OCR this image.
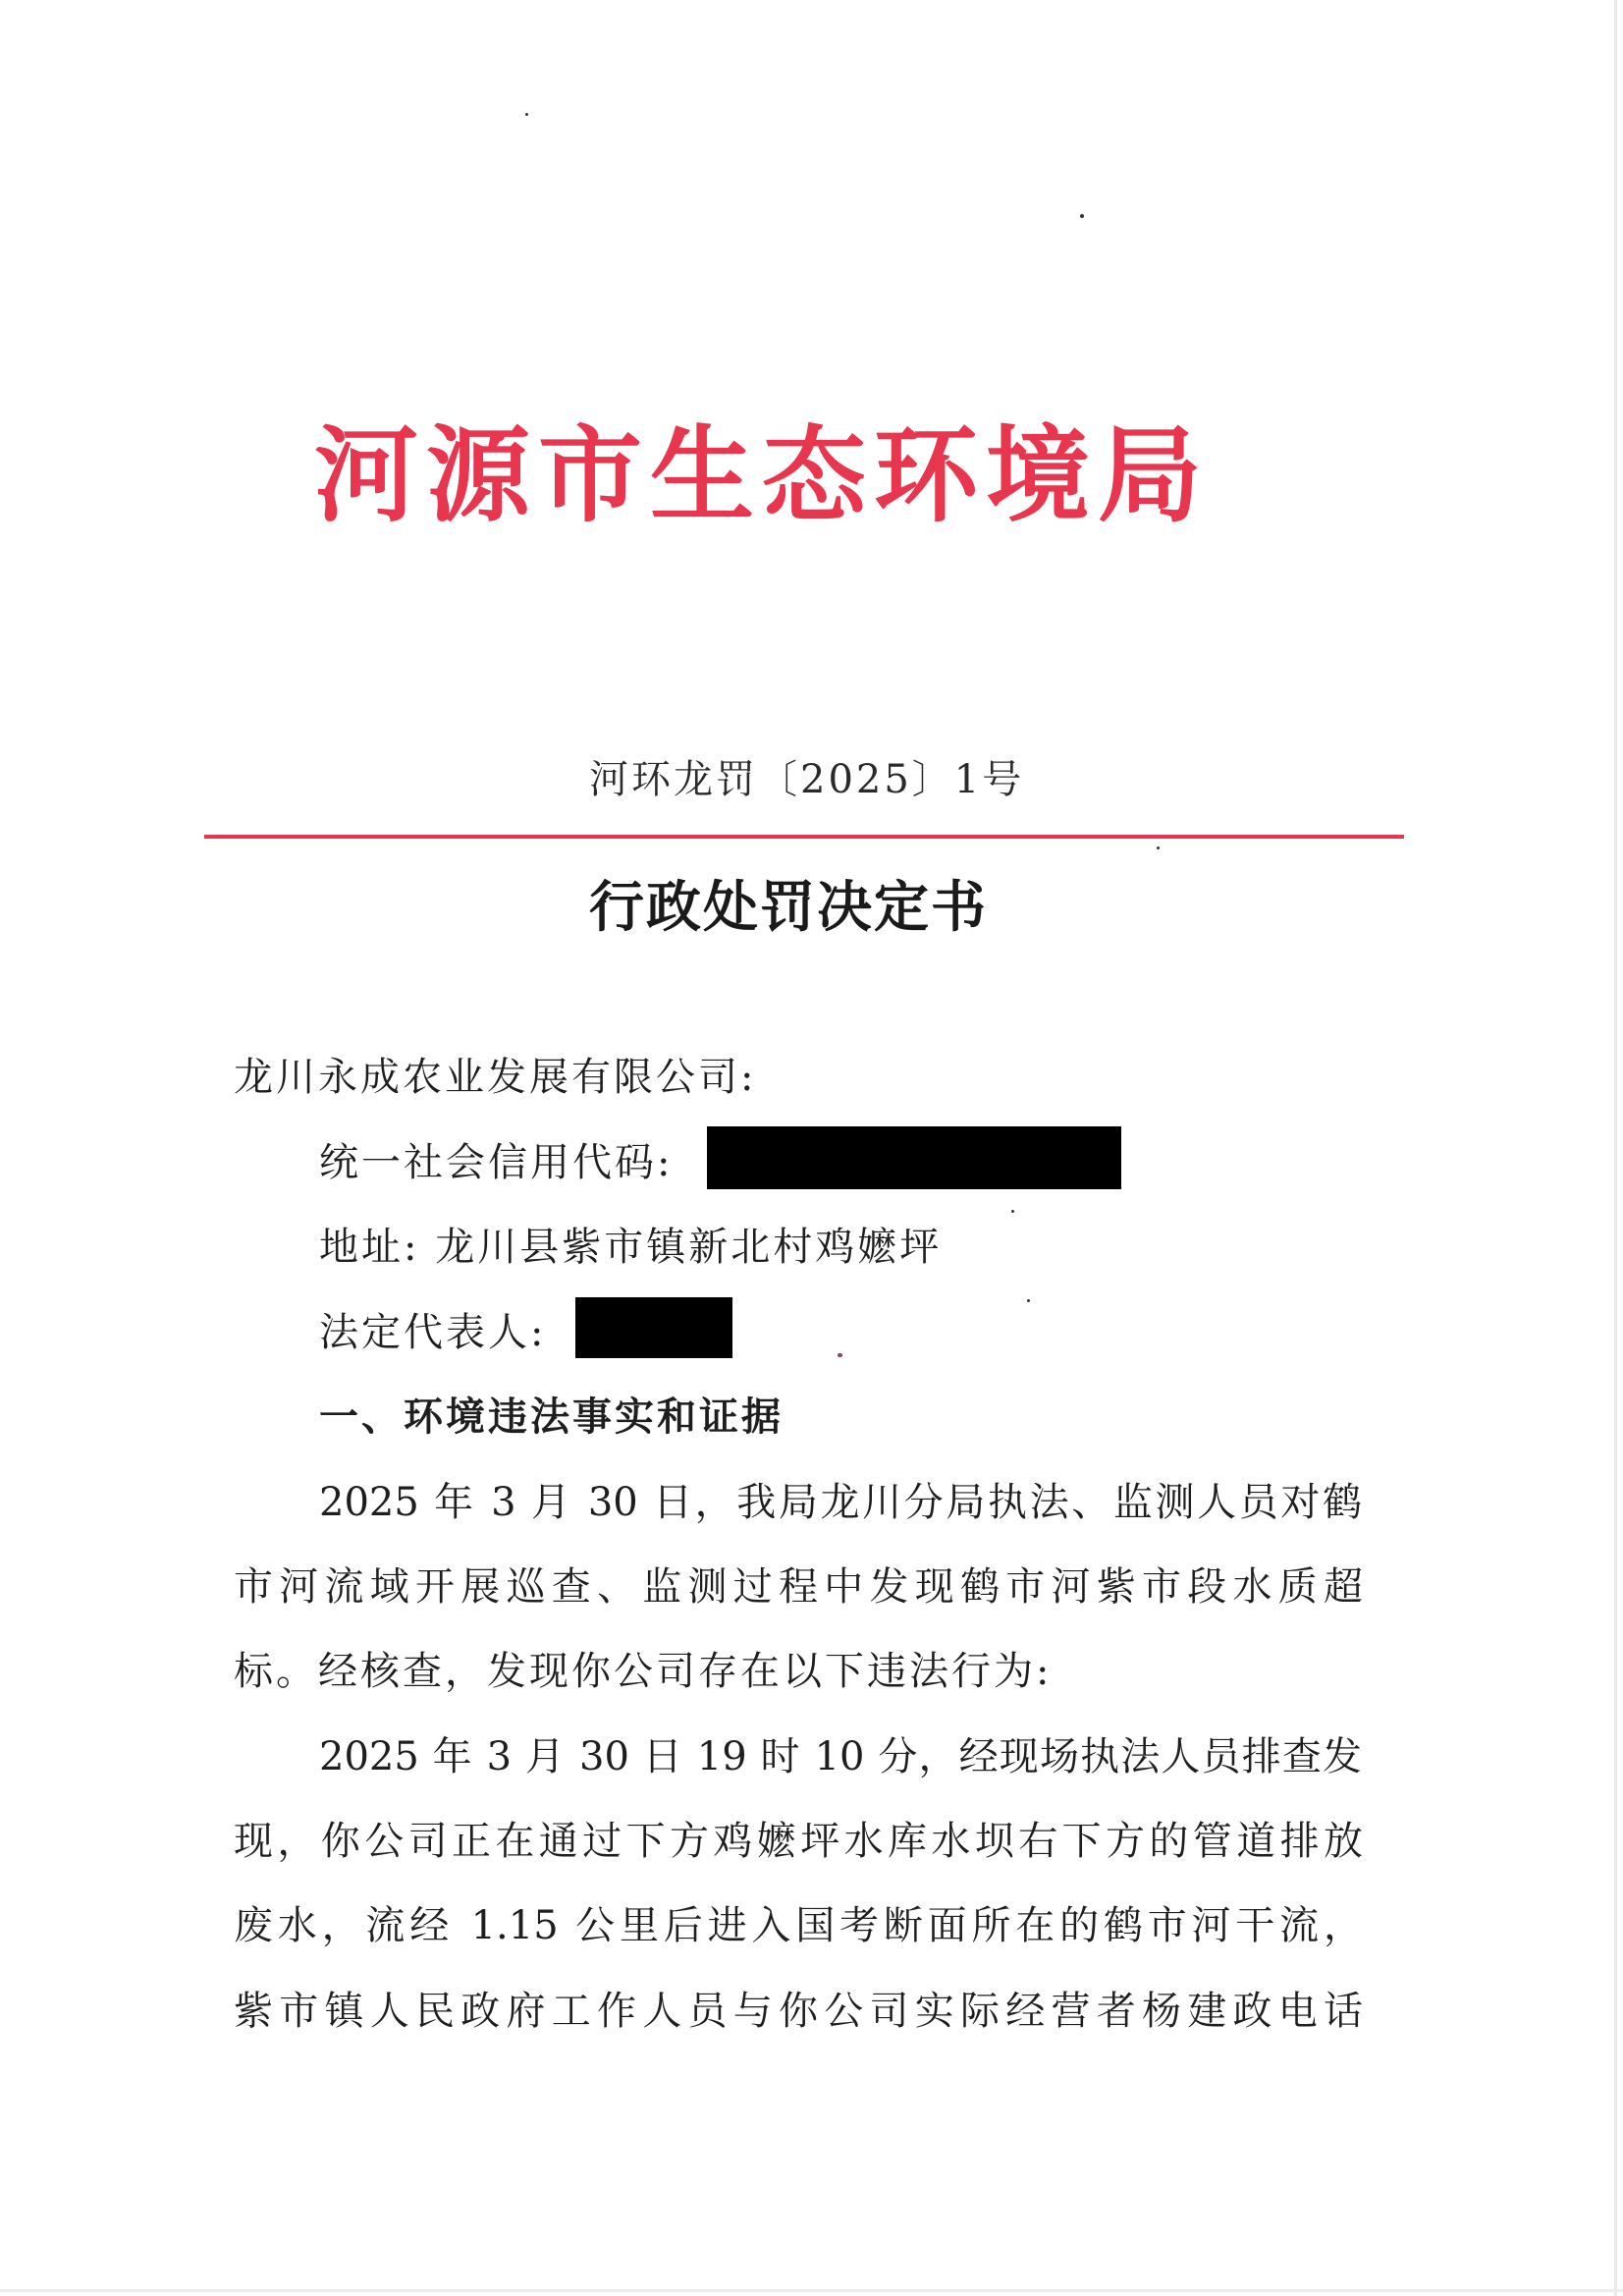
河源市生态环境局
河环龙罚〔2025〕1号
行政处罚决定书
龙川永成农业发展有限公司:
统一社会信用代码:
地址: 龙川县紫市镇新北村鸡嬷坪
法定代表人:
一、环境违法事实和证据
2025 年 3 月 30 日，我局龙川分局执法、监测人员对鹤
市河流域开展巡查、监测过程中发现鹤市河紫市段水质超
标。经核查，发现你公司存在以下违法行为:
2025 年 3 月 30 日 19 时 10 分，经现场执法人员排查发
现，你公司正在通过下方鸡嬷坪水库水坝右下方的管道排放
废水，流经 1.15 公里后进入国考断面所在的鹤市河干流，
紫市镇人民政府工作人员与你公司实际经营者杨建政电话
